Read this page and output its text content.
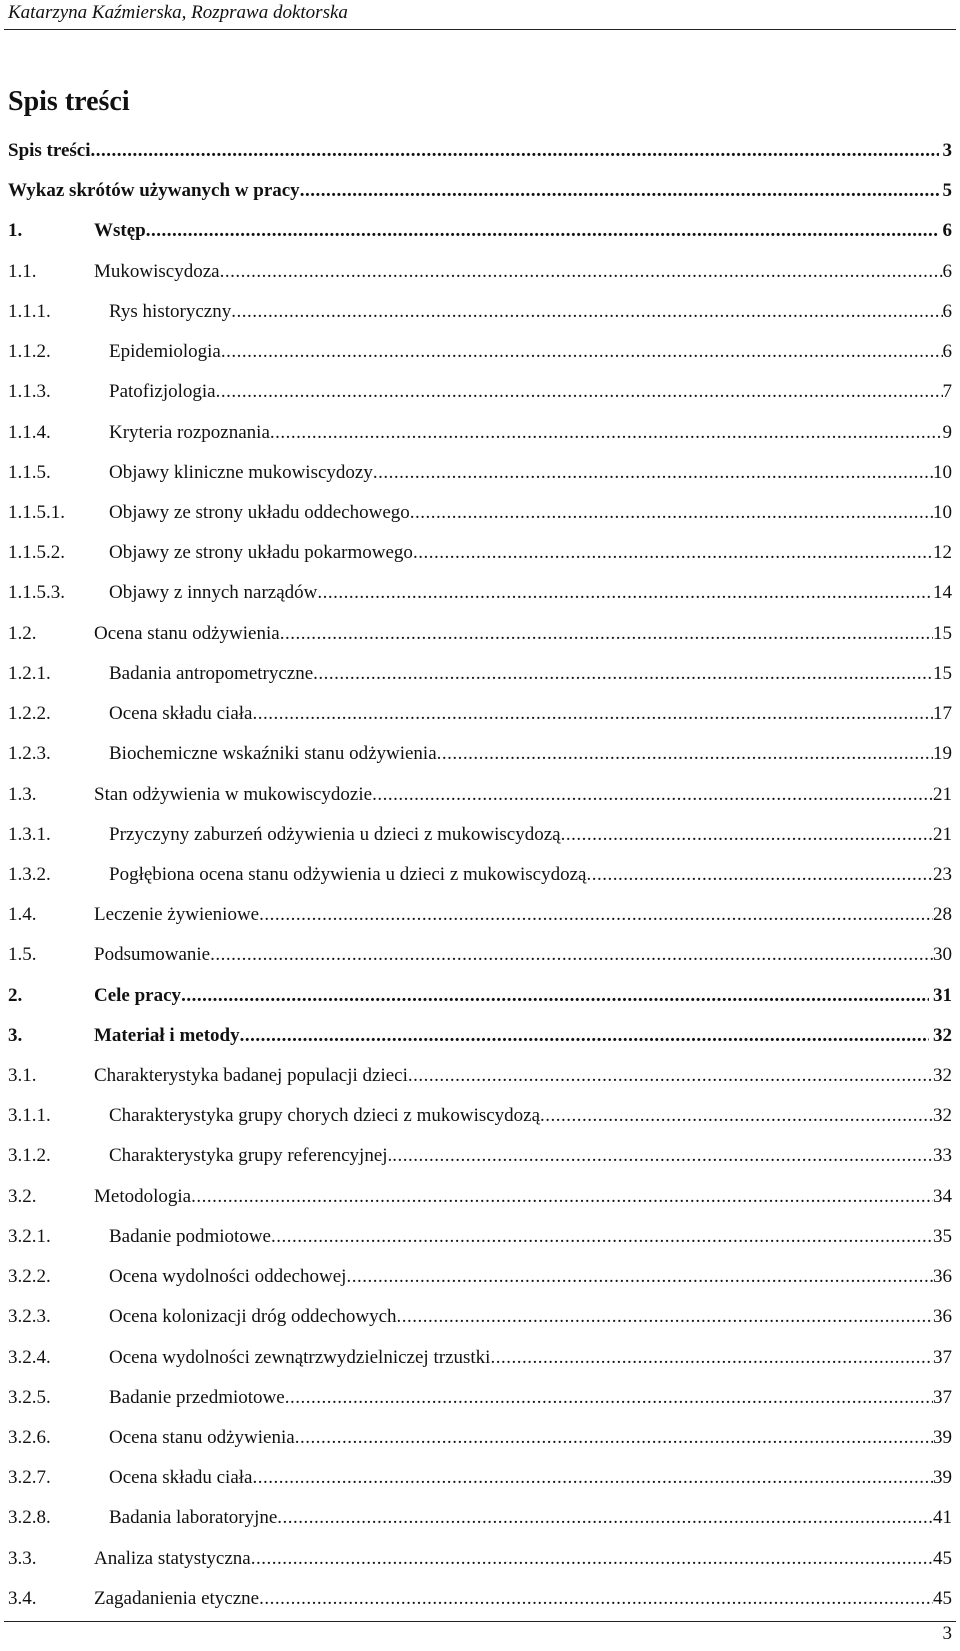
Katarzyna Kaźmierska, Rozprawa doktorska
Spis treści
Spis treści .....	3
Wykaz skrótów używanych w pracy .....	5
1.	Wstęp .....	6
1.1.	Mukowiscydoza .....	6
1.1.1.	Rys historyczny .....	6
1.1.2.	Epidemiologia .....	6
1.1.3.	Patofizjologia .....	7
1.1.4.	Kryteria rozpoznania .....	9
1.1.5.	Objawy kliniczne mukowiscydozy .....	10
1.1.5.1. Objawy ze strony układu oddechowego .....	10
1.1.5.2. Objawy ze strony układu pokarmowego .....	12
1.1.5.3. Objawy z innych narządów .....	14
1.2.	Ocena stanu odżywienia .....	15
1.2.1.	Badania antropometryczne .....	15
1.2.2.	Ocena składu ciała .....	17
1.2.3.	Biochemiczne wskaźniki stanu odżywienia .....	19
1.3.	Stan odżywienia w mukowiscydozie .....	21
1.3.1.	Przyczyny zaburzeń odżywienia u dzieci z mukowiscydozą .....	21
1.3.2.	Pogłębiona ocena stanu odżywienia u dzieci z mukowiscydozą .....	23
1.4.	Leczenie żywieniowe .....	28
1.5.	Podsumowanie .....	30
2.	Cele pracy .....	31
3.	Materiał i metody .....	32
3.1.	Charakterystyka badanej populacji dzieci .....	32
3.1.1.	Charakterystyka grupy chorych dzieci z mukowiscydozą .....	32
3.1.2.	Charakterystyka grupy referencyjnej. .....	33
3.2.	Metodologia .....	34
3.2.1.	Badanie podmiotowe .....	35
3.2.2.	Ocena wydolności oddechowej .....	36
3.2.3.	Ocena kolonizacji dróg oddechowych .....	36
3.2.4.	Ocena wydolności zewnątrzwydzielniczej trzustki .....	37
3.2.5.	Badanie przedmiotowe .....	37
3.2.6.	Ocena stanu odżywienia .....	39
3.2.7.	Ocena składu ciała .....	39
3.2.8.	Badania laboratoryjne .....	41
3.3.	Analiza statystyczna .....	45
3.4.	Zagadanienia etyczne .....	45
3
